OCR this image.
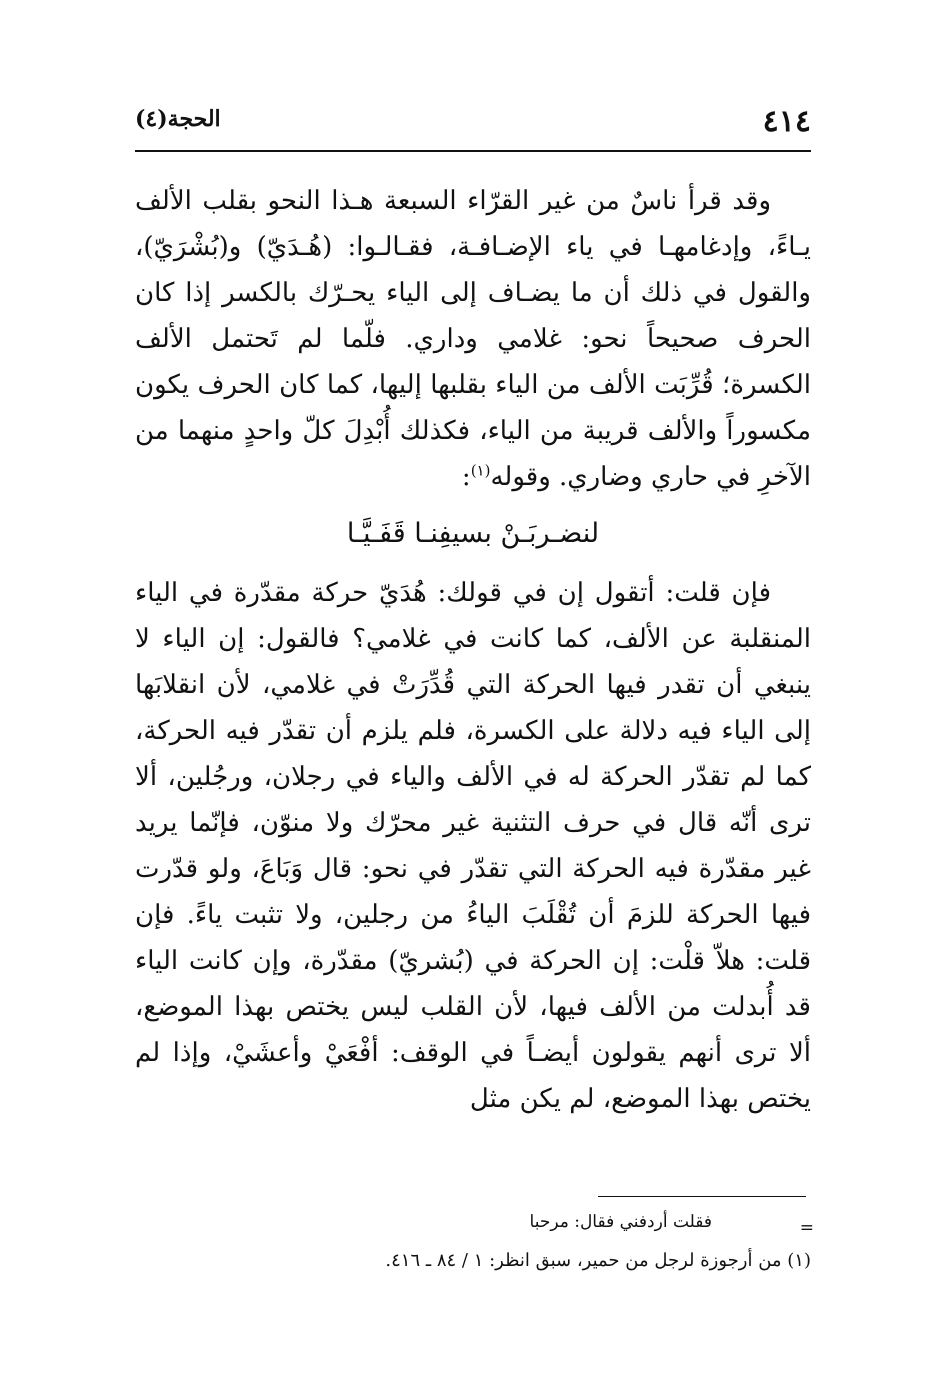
٤١٤
الحجة(٤)

وقد قرأ ناسٌ من غير القرّاء السبعة هـذا النحو بقلب الألف يـاءً، وإدغامهـا في ياء الإضـافـة، فقـالـوا: (هُـدَيّ) و(بُشْرَيّ)، والقول في ذلك أن ما يضـاف إلى الياء يحـرّك بالكسر إذا كان الحرف صحيحاً نحو: غلامي وداري. فلّما لم تَحتمل الألف الكسرة؛ قُرِّبَت الألف من الياء بقلبها إليها، كما كان الحرف يكون مكسوراً والألف قريبة من الياء، فكذلك أُبْدِلَ كلّ واحدٍ منهما من الآخرِ في حاري وضاري. وقوله$^{(١)}$:

لنضـربَـنْ بسيفِنـا قَفَـيَّـا

فإن قلت: أتقول إن في قولك: هُدَيّ حركة مقدّرة في الياء المنقلبة عن الألف، كما كانت في غلامي؟ فالقول: إن الياء لا ينبغي أن تقدر فيها الحركة التي قُدِّرَتْ في غلامي، لأن انقلابَها إلى الياء فيه دلالة على الكسرة، فلم يلزم أن تقدّر فيه الحركة، كما لم تقدّر الحركة له في الألف والياء في رجلان، ورجُلين، ألا ترى أنّه قال في حرف التثنية غير محرّك ولا منوّن، فإنّما يريد غير مقدّرة فيه الحركة التي تقدّر في نحو: قال وَبَاعَ، ولو قدّرت فيها الحركة للزمَ أن تُقْلَبَ الياءُ من رجلين، ولا تثبت ياءً. فإن قلت: هلاّ قلْت: إن الحركة في (بُشريّ) مقدّرة، وإن كانت الياء قد أُبدلت من الألف فيها، لأن القلب ليس يختص بهذا الموضع، ألا ترى أنهم يقولون أيضـاً في الوقف: أفْعَيْ وأعشَيْ، وإذا لم يختص بهذا الموضع، لم يكن مثل

فقلت أردفني فقال: مرحبا	=
(١) من أرجوزة لرجل من حمير، سبق انظر: ١ / ٨٤ ـ ٤١٦.
